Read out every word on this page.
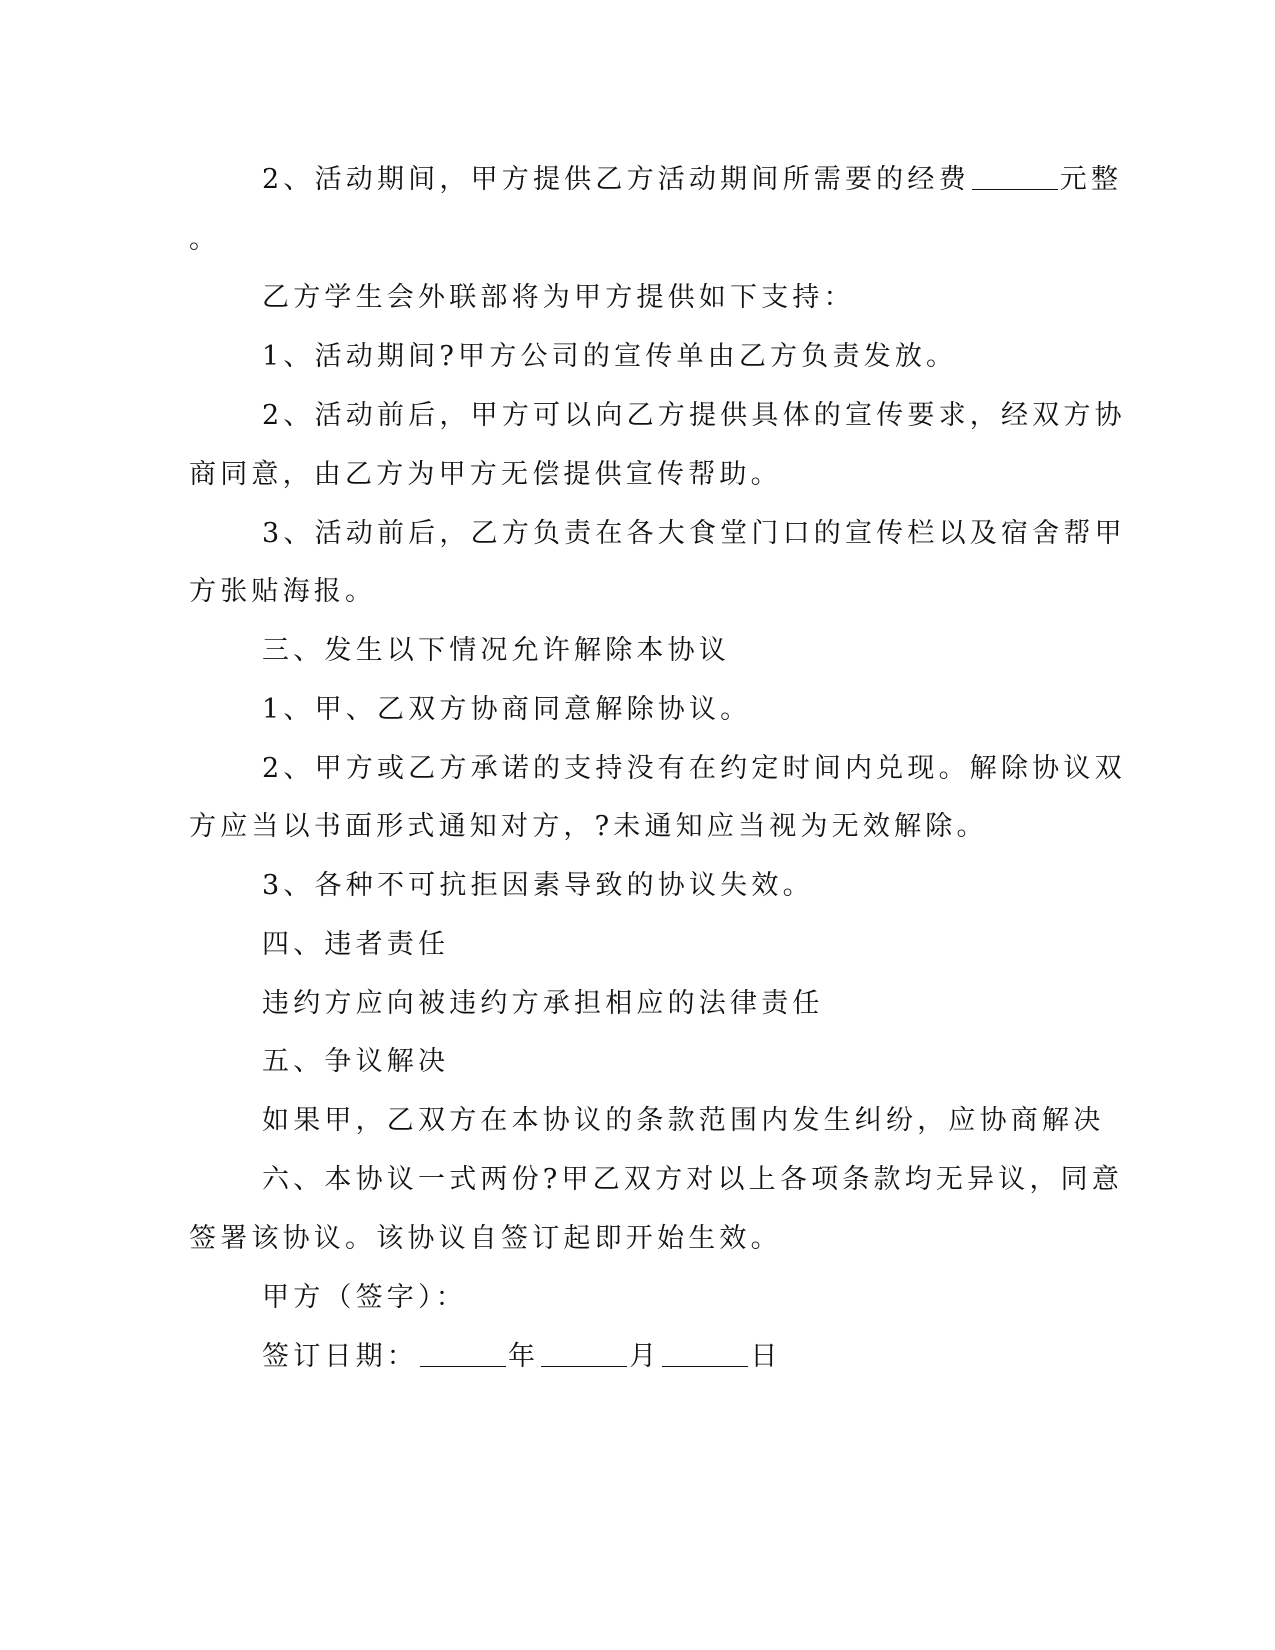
2、活动期间，甲方提供乙方活动期间所需要的经费	元整
。
乙方学生会外联部将为甲方提供如下支持：
1、活动期间?甲方公司的宣传单由乙方负责发放。
2、活动前后，甲方可以向乙方提供具体的宣传要求，经双方协
商同意，由乙方为甲方无偿提供宣传帮助。
3、活动前后，乙方负责在各大食堂门口的宣传栏以及宿舍帮甲
方张贴海报。
三、发生以下情况允许解除本协议
1、甲、乙双方协商同意解除协议。
2、甲方或乙方承诺的支持没有在约定时间内兑现。解除协议双
方应当以书面形式通知对方，?未通知应当视为无效解除。
3、各种不可抗拒因素导致的协议失效。
四、违者责任
违约方应向被违约方承担相应的法律责任
五、争议解决
如果甲，乙双方在本协议的条款范围内发生纠纷，应协商解决
六、本协议一式两份?甲乙双方对以上各项条款均无异议，同意
签署该协议。该协议自签订起即开始生效。
甲方（签字）：
签订日期：	年	月	日
